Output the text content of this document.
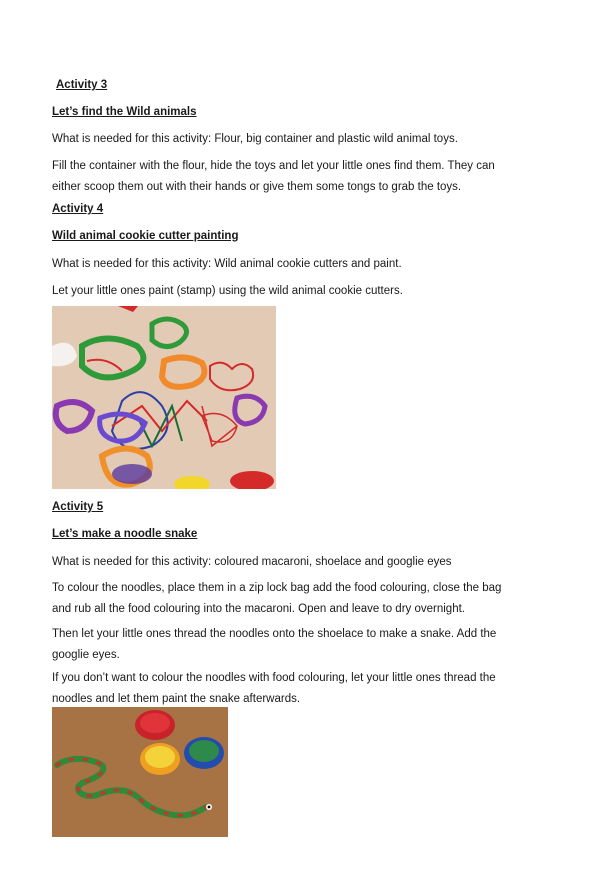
Activity 3
Let’s find the Wild animals

What is needed for this activity: Flour, big container and plastic wild animal toys.

Fill the container with the flour, hide the toys and let your little ones find them. They can either scoop them out with their hands or give them some tongs to grab the toys.

Activity 4
Wild animal cookie cutter painting

What is needed for this activity: Wild animal cookie cutters and paint.

Let your little ones paint (stamp) using the wild animal cookie cutters.

Activity 5
Let’s make a noodle snake

What is needed for this activity: coloured macaroni, shoelace and googlie eyes

To colour the noodles, place them in a zip lock bag add the food colouring, close the bag and rub all the food colouring into the macaroni. Open and leave to dry overnight.

Then let your little ones thread the noodles onto the shoelace to make a snake. Add the googlie eyes.

If you don’t want to colour the noodles with food colouring, let your little ones thread the noodles and let them paint the snake afterwards.
